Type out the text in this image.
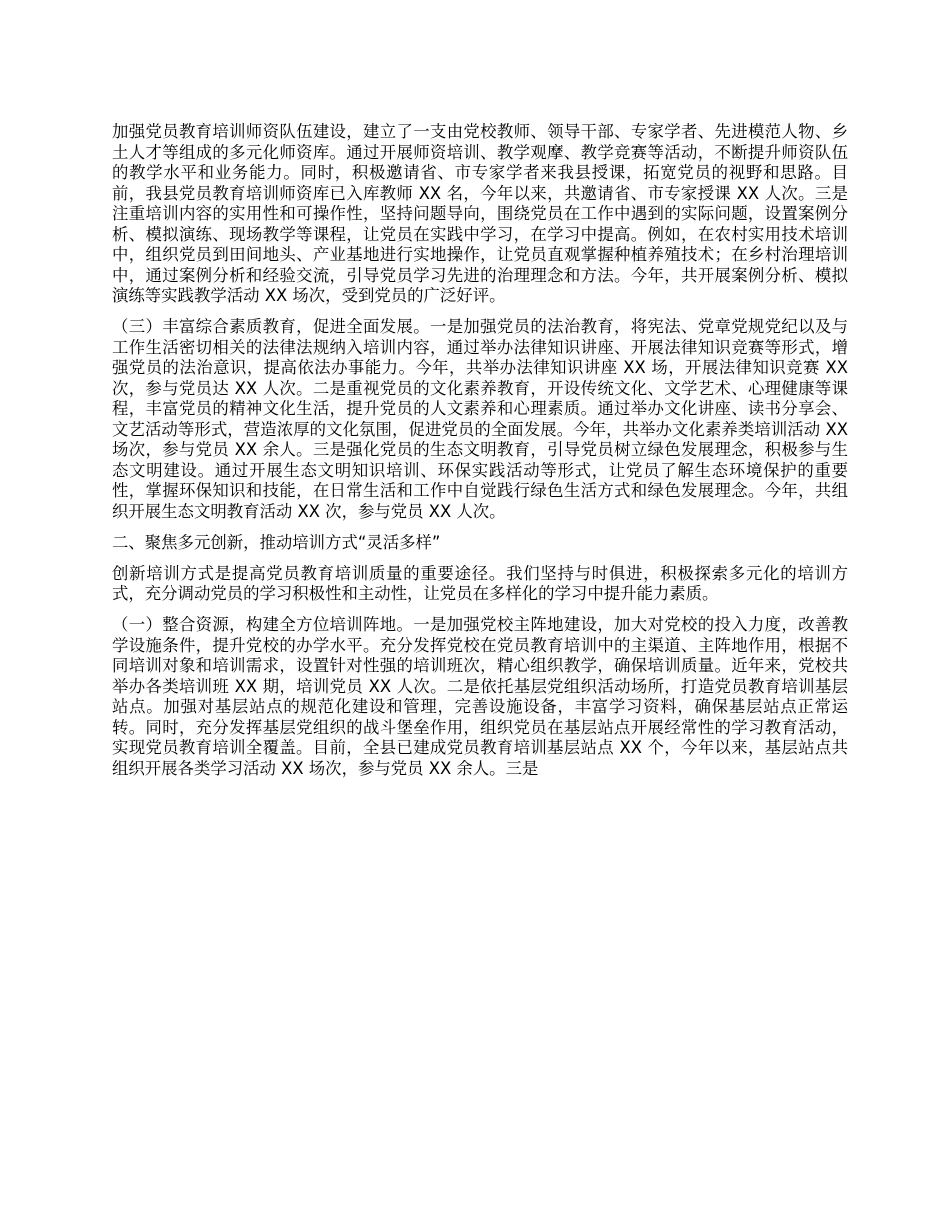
加强党员教育培训师资队伍建设，建立了一支由党校教师、领导干部、专家学者、先进模范人物、乡土人才等组成的多元化师资库。通过开展师资培训、教学观摩、教学竞赛等活动，不断提升师资队伍的教学水平和业务能力。同时，积极邀请省、市专家学者来我县授课，拓宽党员的视野和思路。目前，我县党员教育培训师资库已入库教师 XX 名，今年以来，共邀请省、市专家授课 XX 人次。三是注重培训内容的实用性和可操作性，坚持问题导向，围绕党员在工作中遇到的实际问题，设置案例分析、模拟演练、现场教学等课程，让党员在实践中学习，在学习中提高。例如，在农村实用技术培训中，组织党员到田间地头、产业基地进行实地操作，让党员直观掌握种植养殖技术；在乡村治理培训中，通过案例分析和经验交流，引导党员学习先进的治理理念和方法。今年，共开展案例分析、模拟演练等实践教学活动 XX 场次，受到党员的广泛好评。

（三）丰富综合素质教育，促进全面发展。一是加强党员的法治教育，将宪法、党章党规党纪以及与工作生活密切相关的法律法规纳入培训内容，通过举办法律知识讲座、开展法律知识竞赛等形式，增强党员的法治意识，提高依法办事能力。今年，共举办法律知识讲座 XX 场，开展法律知识竞赛 XX 次，参与党员达 XX 人次。二是重视党员的文化素养教育，开设传统文化、文学艺术、心理健康等课程，丰富党员的精神文化生活，提升党员的人文素养和心理素质。通过举办文化讲座、读书分享会、文艺活动等形式，营造浓厚的文化氛围，促进党员的全面发展。今年，共举办文化素养类培训活动 XX 场次，参与党员 XX 余人。三是强化党员的生态文明教育，引导党员树立绿色发展理念，积极参与生态文明建设。通过开展生态文明知识培训、环保实践活动等形式，让党员了解生态环境保护的重要性，掌握环保知识和技能，在日常生活和工作中自觉践行绿色生活方式和绿色发展理念。今年，共组织开展生态文明教育活动 XX 次，参与党员 XX 人次。

二、聚焦多元创新，推动培训方式“灵活多样”

创新培训方式是提高党员教育培训质量的重要途径。我们坚持与时俱进，积极探索多元化的培训方式，充分调动党员的学习积极性和主动性，让党员在多样化的学习中提升能力素质。

（一）整合资源，构建全方位培训阵地。一是加强党校主阵地建设，加大对党校的投入力度，改善教学设施条件，提升党校的办学水平。充分发挥党校在党员教育培训中的主渠道、主阵地作用，根据不同培训对象和培训需求，设置针对性强的培训班次，精心组织教学，确保培训质量。近年来，党校共举办各类培训班 XX 期，培训党员 XX 人次。二是依托基层党组织活动场所，打造党员教育培训基层站点。加强对基层站点的规范化建设和管理，完善设施设备，丰富学习资料，确保基层站点正常运转。同时，充分发挥基层党组织的战斗堡垒作用，组织党员在基层站点开展经常性的学习教育活动，实现党员教育培训全覆盖。目前，全县已建成党员教育培训基层站点 XX 个，今年以来，基层站点共组织开展各类学习活动 XX 场次，参与党员 XX 余人。三是
